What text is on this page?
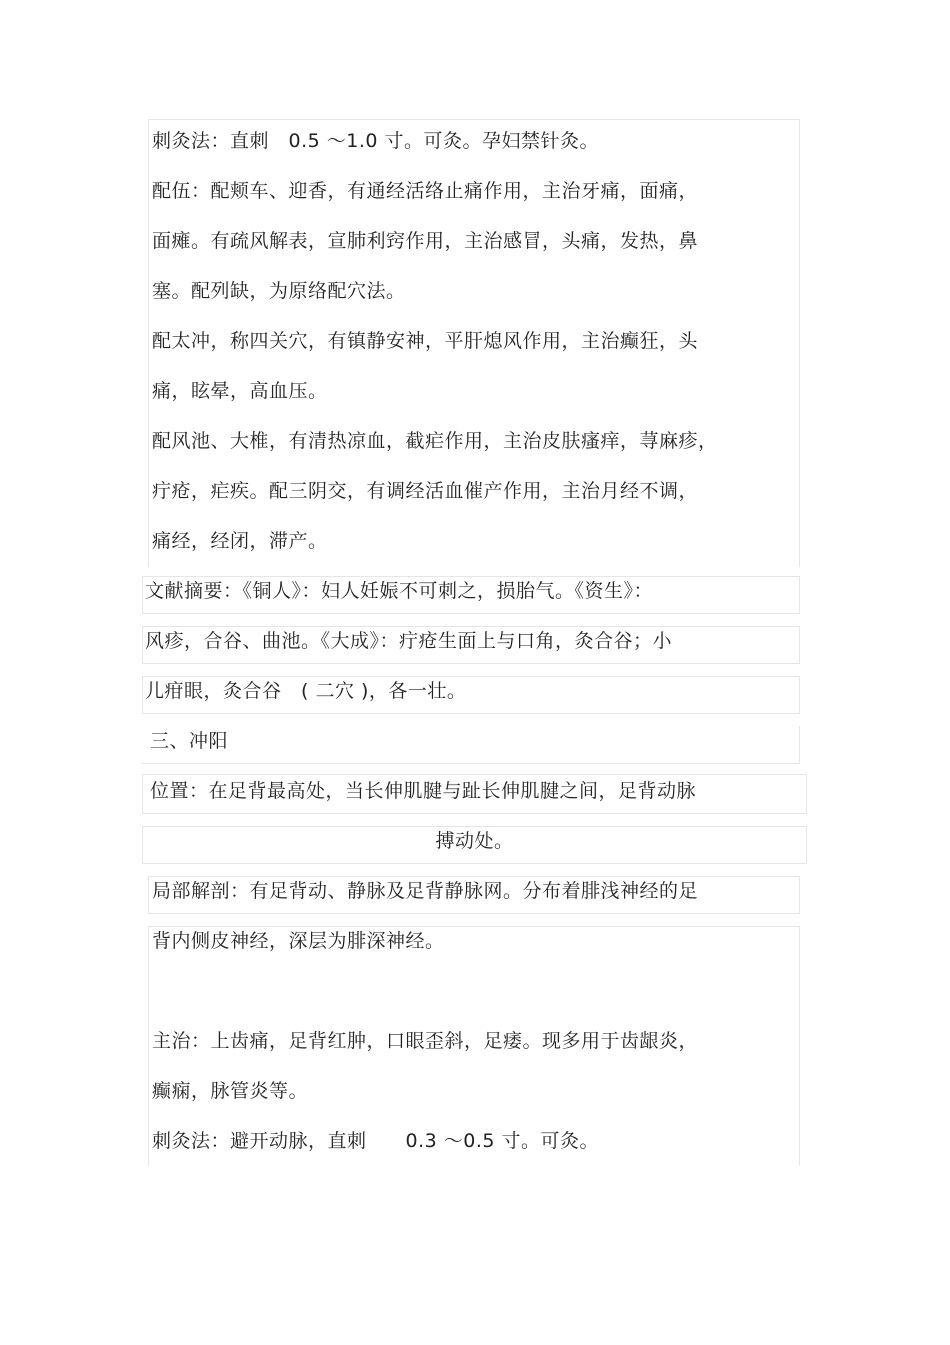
刺灸法：直刺　0.5 ～1.0 寸。可灸。孕妇禁针灸。
配伍：配颊车、迎香，有通经活络止痛作用，主治牙痛，面痛，
面瘫。有疏风解表，宣肺利窍作用，主治感冒，头痛，发热，鼻
塞。配列缺，为原络配穴法。
配太冲，称四关穴，有镇静安神，平肝熄风作用，主治癫狂，头
痛，眩晕，高血压。
配风池、大椎，有清热凉血，截疟作用，主治皮肤瘙痒，荨麻疹，
疔疮，疟疾。配三阴交，有调经活血催产作用，主治月经不调，
痛经，经闭，滞产。
文献摘要：《铜人》：妇人妊娠不可刺之，损胎气。《资生》：
风疹，合谷、曲池。《大成》：疔疮生面上与口角，灸合谷；小
儿疳眼，灸合谷　( 二穴 )，各一壮。
三、冲阳
位置：在足背最高处，当长伸肌腱与趾长伸肌腱之间，足背动脉
搏动处。
局部解剖：有足背动、静脉及足背静脉网。分布着腓浅神经的足
背内侧皮神经，深层为腓深神经。
主治：上齿痛，足背红肿，口眼歪斜，足痿。现多用于齿龈炎，
癫痫，脉管炎等。
刺灸法：避开动脉，直刺　　0.3 ～0.5 寸。可灸。
